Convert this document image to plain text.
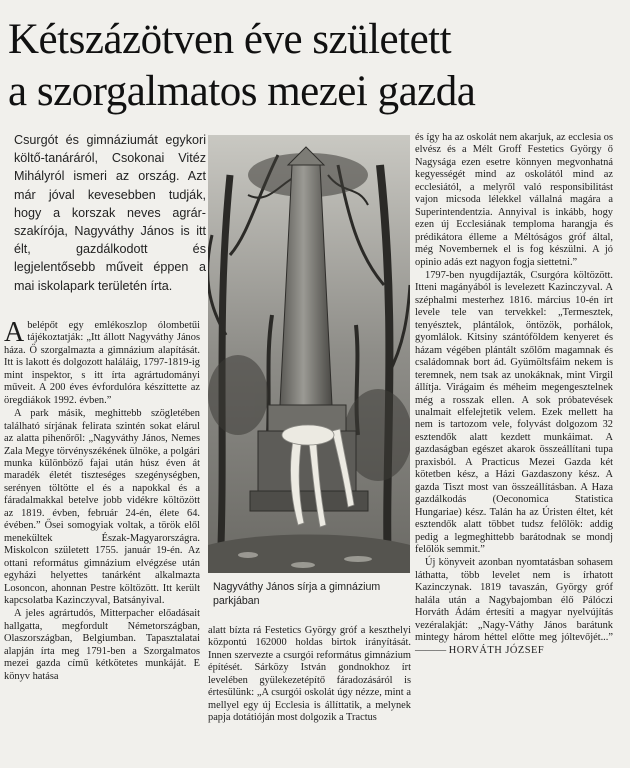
Kétszázötven éve született
a szorgalmatos mezei gazda
Csurgót és gimnáziumát egykori költő-tanáráról, Csokonai Vitéz Mihályról ismeri az ország. Azt már jóval kevesebben tudják, hogy a korszak neves agrár-szakírója, Nagyváthy János is itt élt, gazdálkodott és legjelentősebb műveit éppen a mai iskolapark területén írta.
Nagyváthy János sírja a gimnázium parkjában

Abelépőt egy emlékoszlop ólombetűi tájékoztatják: „Itt állott Nagyváthy János háza. Ő szorgalmazta a gimnázium alapítását. Itt is lakott és dolgozott haláláig, 1797-1819-ig mint inspektor, s itt írta agrártudományi műveit. A 200 éves évfordulóra készíttette az öregdiákok 1992. évben.”

A park másik, meghittebb szögletében található sírjának felirata szintén sokat elárul az alatta pihenőről: „Nagyváthy János, Nemes Zala Megye törvényszékének ülnöke, a polgári munka különböző fajai után húsz éven át maradék életét tiszteséges szegénységben, serényen töltötte el és a napokkal és a fáradalmakkal betelve jobb vidékre költözött az 1819. évben, február 24-én, élete 64. évében.” Ősei somogyiak voltak, a török elől menekültek Észak-Magyarországra. Miskolcon született 1755. január 19-én. Az ottani református gimnázium elvégzése után egyházi helyettes tanárként alkalmazta Losoncon, ahonnan Pestre költözött. Itt került kapcsolatba Kazinczyval, Batsányival.

A jeles agrártudós, Mitterpacher előadásait hallgatta, megfordult Németországban, Olaszországban, Belgiumban. Tapasztalatai alapján írta meg 1791-ben a Szorgalmatos mezei gazda című kétkötetes munkáját. E könyv hatása

alatt bízta rá Festetics György gróf a keszthelyi központú 162000 holdas birtok irányítását. Innen szervezte a csurgói református gimnázium építését. Sárközy István gondnokhoz írt levelében gyülekezetépítő fáradozásáról is értesülünk: „A csurgói oskolát úgy nézze, mint a mellyel egy új Ecclesia is állíttatik, a melynek papja dotátióján most dolgozik a Tractus

és így ha az oskolát nem akarjuk, az ecclesia os elvész és a Mélt Groff Festetics György ő Nagysága ezen esetre könnyen megvonhatná kegyességét mind az oskolától mind az ecclesiától, a melyről való responsibilitást vajon micsoda lélekkel vállalná magára a Superintendentzia. Annyival is inkább, hogy ezen új Ecclesiának temploma harangja és prédikátora élleme a Méltóságos gróf által, még Novembernek el is fog készülni. A jó opinio adás ezt nagyon fogja siettetni.”

1797-ben nyugdíjazták, Csurgóra költözött. Itteni magányából is levelezett Kazinczyval. A széphalmi mesterhez 1816. március 10-én írt levele tele van tervekkel: „Termesztek, tenyésztek, plántálok, öntözök, porhálok, gyomlálok. Kitsiny szántóföldem kenyeret és házam végében plántált szőlőm magamnak és családomnak bort ád. Gyümöltsfáim nekem is teremnek, nem tsak az unokáknak, mint Virgil állítja. Virágaim és méheim megengesztelnek még a rosszak ellen. A sok próbatevések unalmait elfelejtetik velem. Ezek mellett ha nem is tartozom vele, folyvást dolgozom 32 esztendők alatt kezdett munkáimat. A gazdaságban egészet akarok összeállítani tupa praxisból. A Practicus Mezei Gazda két kötetben kész, a Házi Gazdaszony kész. A gazda Tiszt most van összeállításban. A Haza gazdálkodás (Oeconomica Statistica Hungariae) kész. Talán ha az Úristen éltet, két esztendők alatt többet tudsz felőlök: addig pedig a legmeghittebb barátodnak se mondj felőlök semmit.”

Új könyveit azonban nyomtatásban sohasem láthatta, több levelet nem is írhatott Kazinczynak. 1819 tavaszán, György gróf halála után a Nagybajomban élő Pálóczi Horváth Ádám értesíti a magyar nyelvújítás vezéralakját: „Nagy-Váthy János barátunk mintegy három héttel előtte meg jóltevőjét...” ——— HORVÁTH JÓZSEF
